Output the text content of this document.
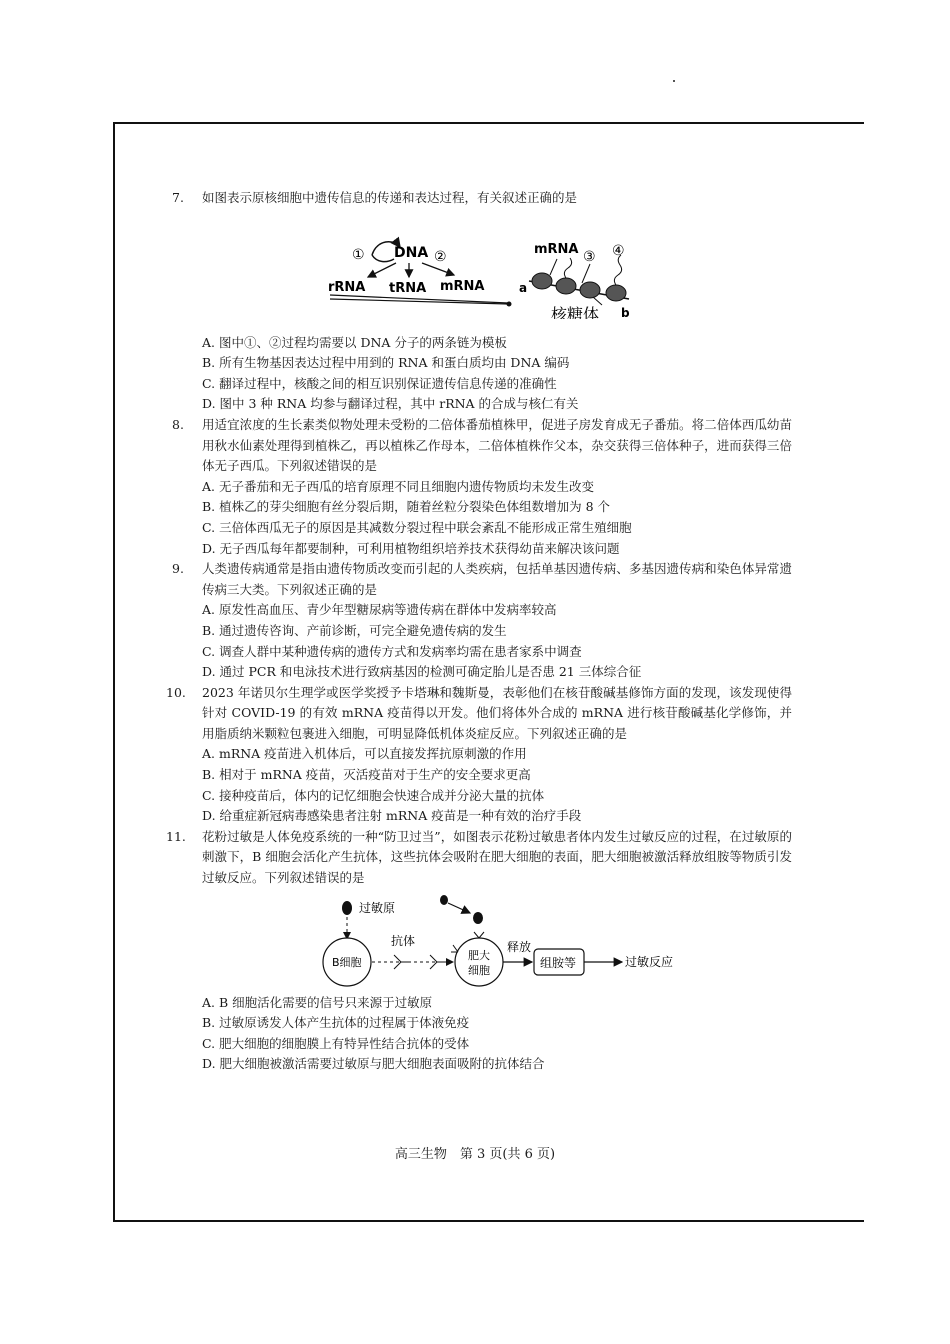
7.	如图表示原核细胞中遗传信息的传递和表达过程，有关叙述正确的是
① DNA ②
rRNA tRNA mRNA
mRNA ③ ④
a
核糖体 b
A. 图中①、②过程均需要以 DNA 分子的两条链为模板
B. 所有生物基因表达过程中用到的 RNA 和蛋白质均由 DNA 编码
C. 翻译过程中，核酸之间的相互识别保证遗传信息传递的准确性
D. 图中 3 种 RNA 均参与翻译过程，其中 rRNA 的合成与核仁有关
8.	用适宜浓度的生长素类似物处理未受粉的二倍体番茄植株甲，促进子房发育成无子番茄。将二倍体西瓜幼苗用秋水仙素处理得到植株乙，再以植株乙作母本，二倍体植株作父本，杂交获得三倍体种子，进而获得三倍体无子西瓜。下列叙述错误的是
A. 无子番茄和无子西瓜的培育原理不同且细胞内遗传物质均未发生改变
B. 植株乙的芽尖细胞有丝分裂后期，随着丝粒分裂染色体组数增加为 8 个
C. 三倍体西瓜无子的原因是其减数分裂过程中联会紊乱不能形成正常生殖细胞
D. 无子西瓜每年都要制种，可利用植物组织培养技术获得幼苗来解决该问题
9.	人类遗传病通常是指由遗传物质改变而引起的人类疾病，包括单基因遗传病、多基因遗传病和染色体异常遗传病三大类。下列叙述正确的是
A. 原发性高血压、青少年型糖尿病等遗传病在群体中发病率较高
B. 通过遗传咨询、产前诊断，可完全避免遗传病的发生
C. 调查人群中某种遗传病的遗传方式和发病率均需在患者家系中调查
D. 通过 PCR 和电泳技术进行致病基因的检测可确定胎儿是否患 21 三体综合征
10.	2023 年诺贝尔生理学或医学奖授予卡塔琳和魏斯曼，表彰他们在核苷酸碱基修饰方面的发现，该发现使得针对 COVID-19 的有效 mRNA 疫苗得以开发。他们将体外合成的 mRNA 进行核苷酸碱基化学修饰，并用脂质纳米颗粒包裹进入细胞，可明显降低机体炎症反应。下列叙述正确的是
A. mRNA 疫苗进入机体后，可以直接发挥抗原刺激的作用
B. 相对于 mRNA 疫苗，灭活疫苗对于生产的安全要求更高
C. 接种疫苗后，体内的记忆细胞会快速合成并分泌大量的抗体
D. 给重症新冠病毒感染患者注射 mRNA 疫苗是一种有效的治疗手段
11.	花粉过敏是人体免疫系统的一种“防卫过当”，如图表示花粉过敏患者体内发生过敏反应的过程，在过敏原的刺激下，B 细胞会活化产生抗体，这些抗体会吸附在肥大细胞的表面，肥大细胞被激活释放组胺等物质引发过敏反应。下列叙述错误的是
过敏原
B细胞
抗体
肥大
细胞
释放
组胺等	过敏反应
A. B 细胞活化需要的信号只来源于过敏原
B. 过敏原诱发人体产生抗体的过程属于体液免疫
C. 肥大细胞的细胞膜上有特异性结合抗体的受体
D. 肥大细胞被激活需要过敏原与肥大细胞表面吸附的抗体结合
高三生物　第 3 页(共 6 页)
